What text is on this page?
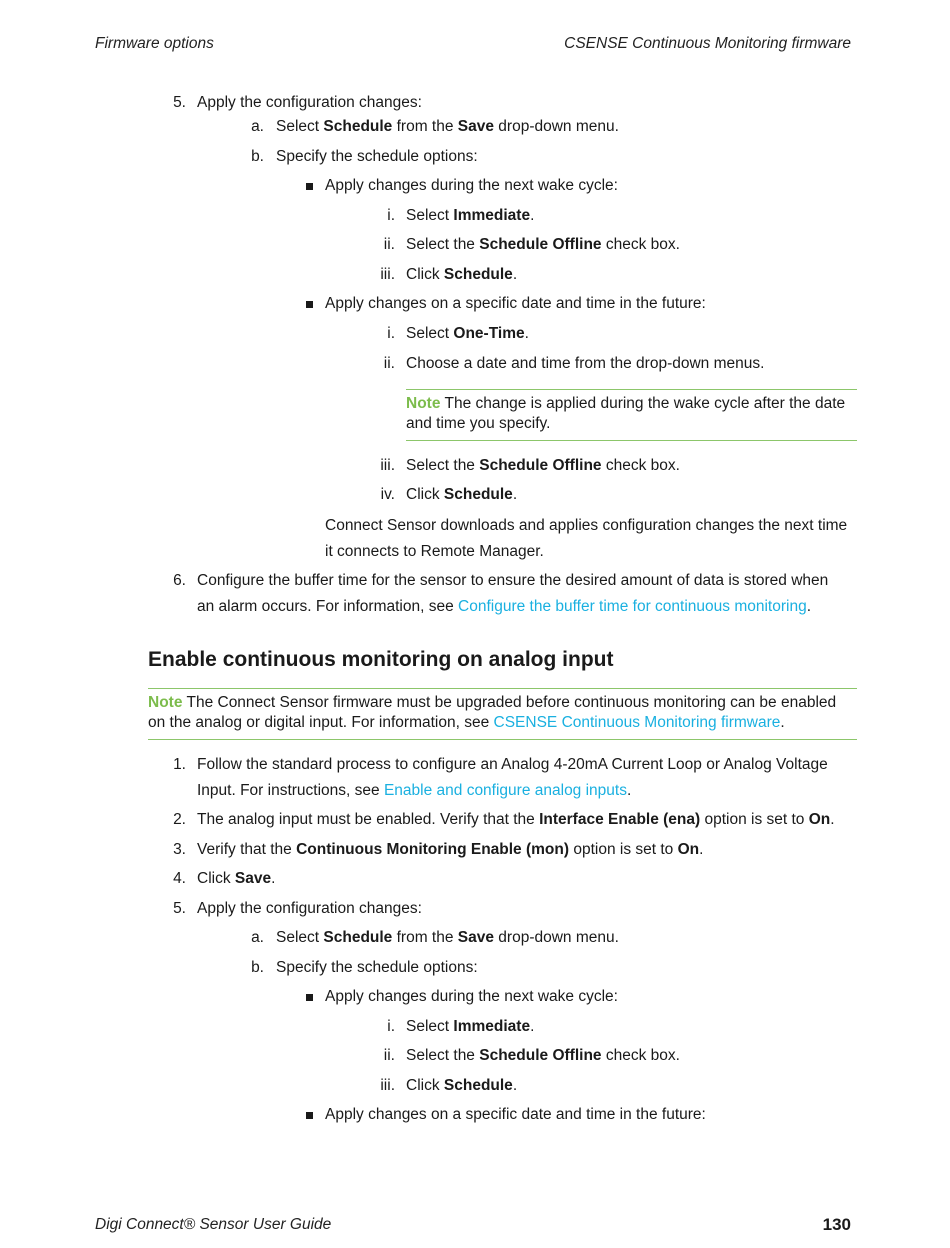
Firmware options	CSENSE Continuous Monitoring firmware
5. Apply the configuration changes:
a. Select Schedule from the Save drop-down menu.
b. Specify the schedule options:
Apply changes during the next wake cycle:
i. Select Immediate.
ii. Select the Schedule Offline check box.
iii. Click Schedule.
Apply changes on a specific date and time in the future:
i. Select One-Time.
ii. Choose a date and time from the drop-down menus.
Note The change is applied during the wake cycle after the date
and time you specify.
iii. Select the Schedule Offline check box.
iv. Click Schedule.
Connect Sensor downloads and applies configuration changes the next time
it connects to Remote Manager.
6. Configure the buffer time for the sensor to ensure the desired amount of data is stored when
an alarm occurs. For information, see Configure the buffer time for continuous monitoring.
Enable continuous monitoring on analog input
Note The Connect Sensor firmware must be upgraded before continuous monitoring can be enabled
on the analog or digital input. For information, see CSENSE Continuous Monitoring firmware.
1. Follow the standard process to configure an Analog 4-20mA Current Loop or Analog Voltage
Input. For instructions, see Enable and configure analog inputs.
2. The analog input must be enabled. Verify that the Interface Enable (ena) option is set to On.
3. Verify that the Continuous Monitoring Enable (mon) option is set to On.
4. Click Save.
5. Apply the configuration changes:
a. Select Schedule from the Save drop-down menu.
b. Specify the schedule options:
Apply changes during the next wake cycle:
i. Select Immediate.
ii. Select the Schedule Offline check box.
iii. Click Schedule.
Apply changes on a specific date and time in the future:
Digi Connect® Sensor User Guide	130
